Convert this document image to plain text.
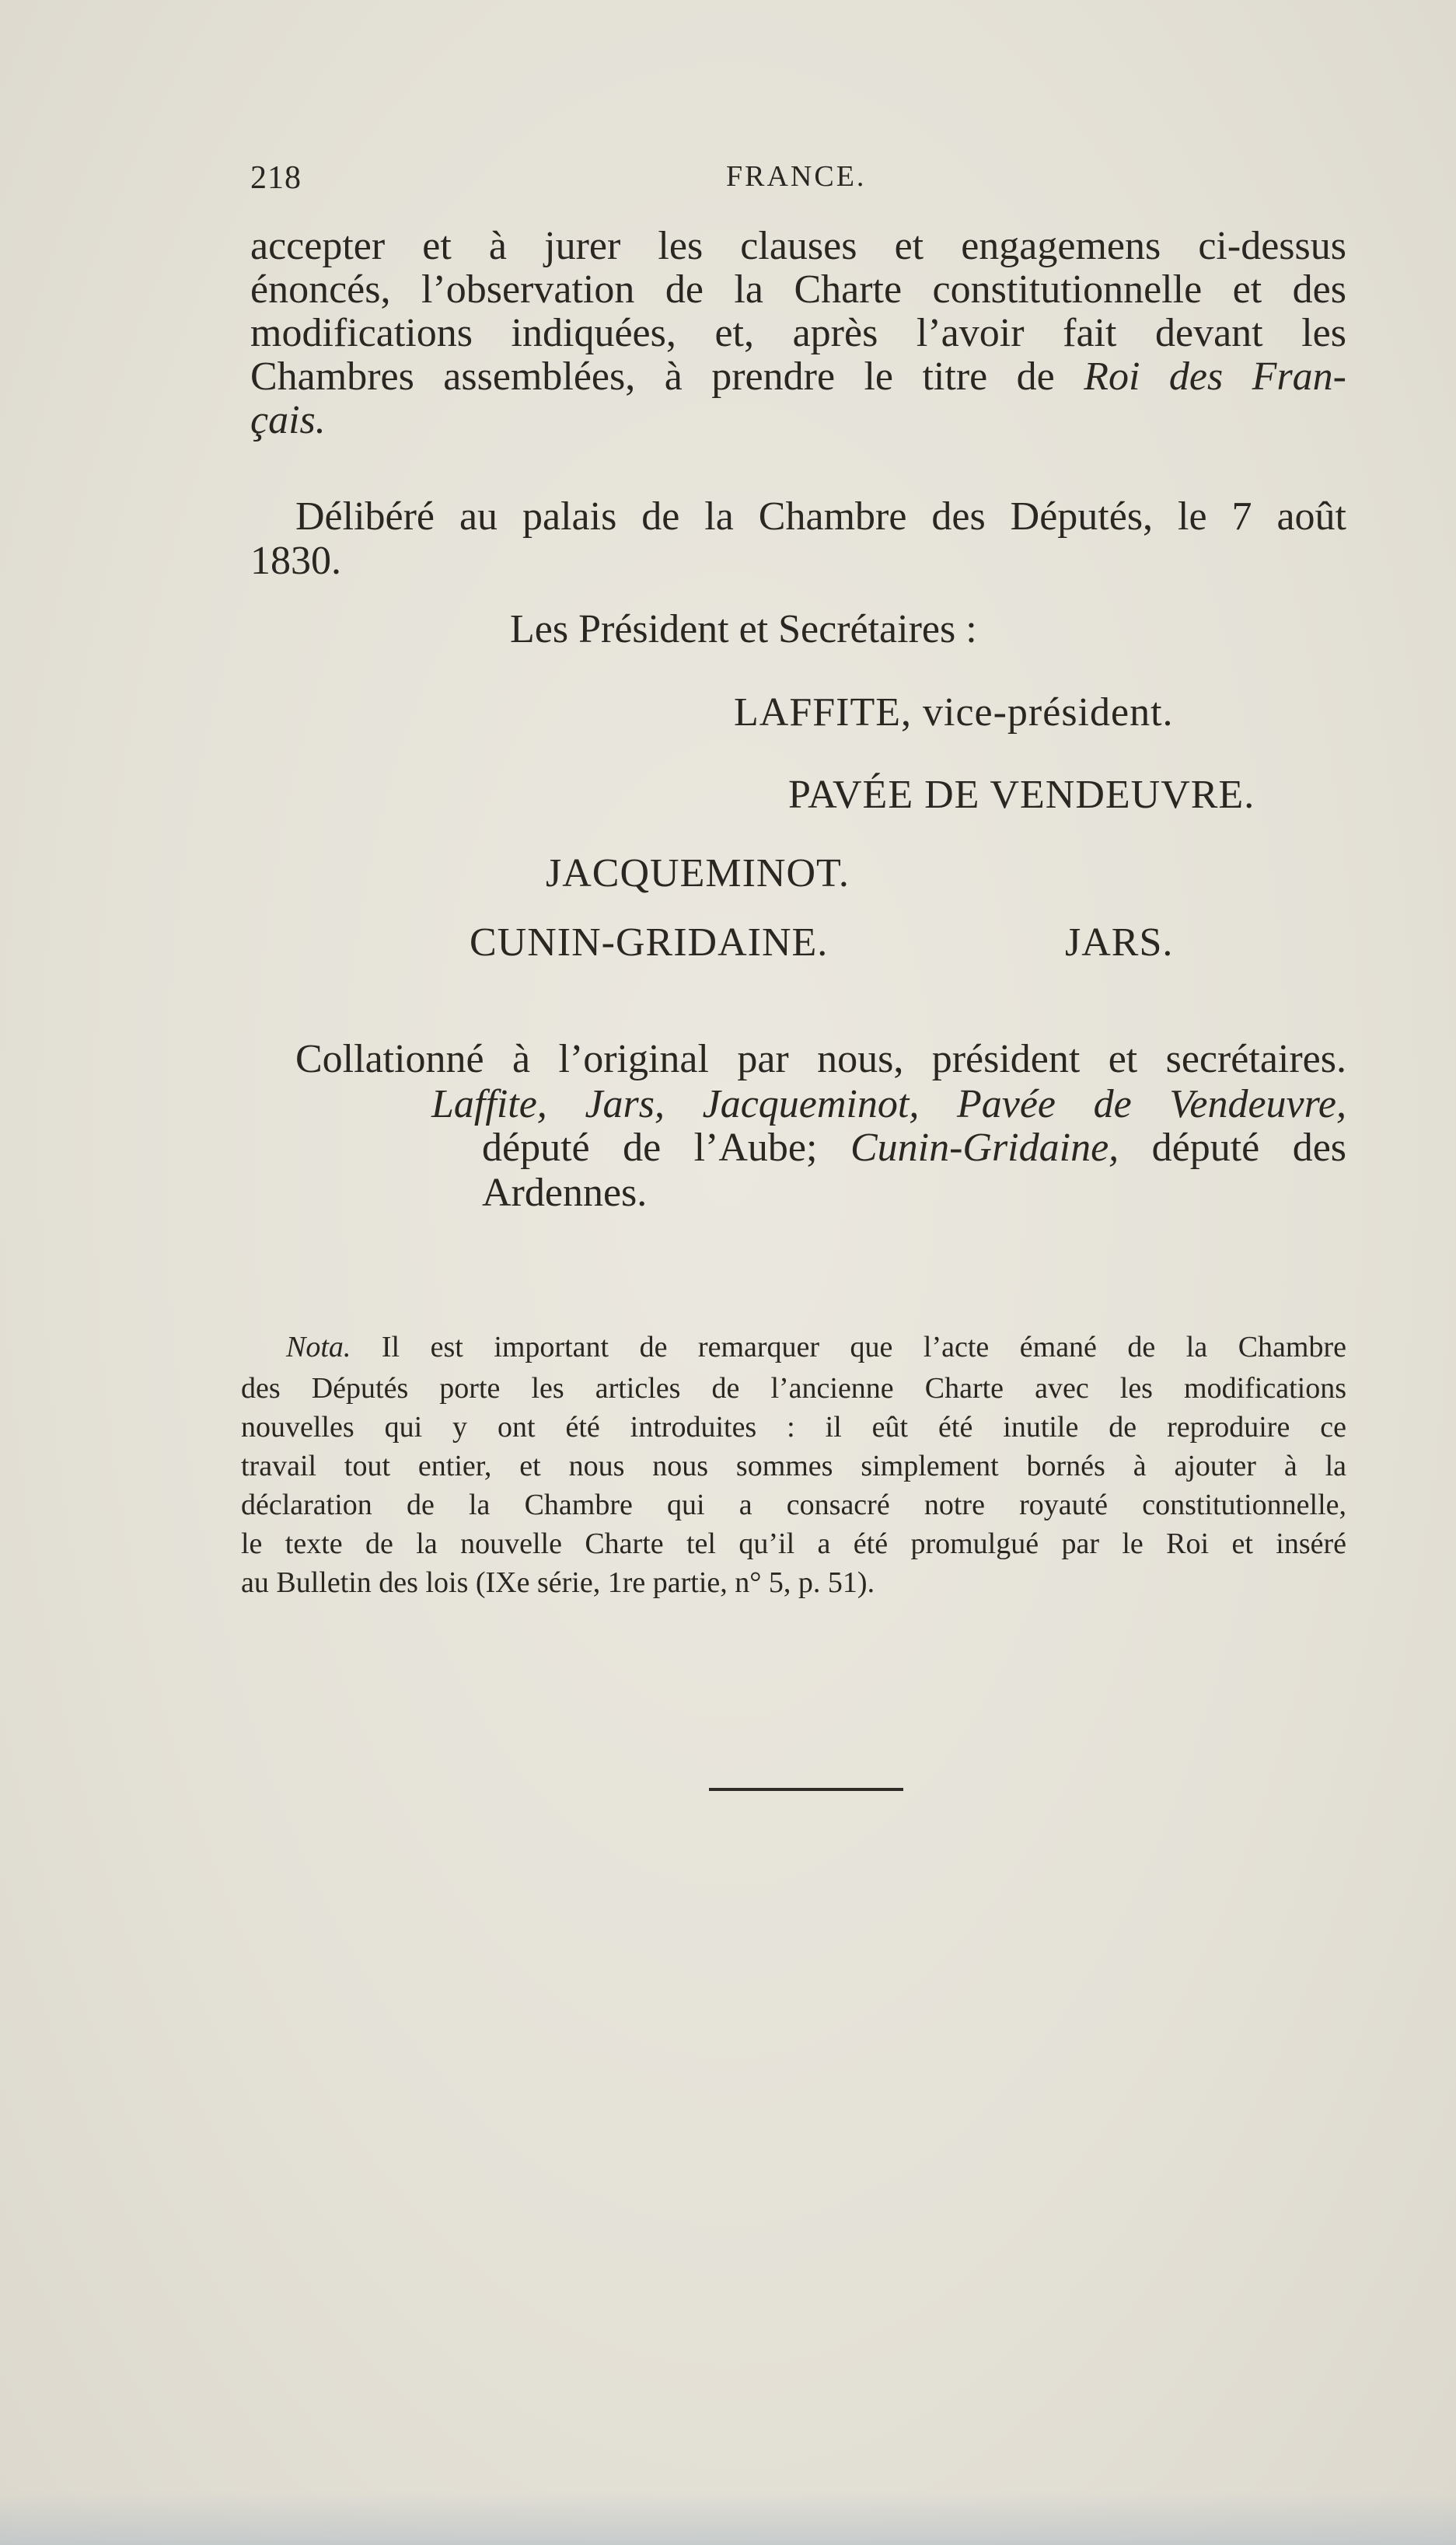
218	FRANCE.
accepter et à jurer les clauses et engagemens ci-dessus
énoncés, l’observation de la Charte constitutionnelle et des
modifications indiquées, et, après l’avoir fait devant les
Chambres assemblées, à prendre le titre de Roi des Fran-
çais.
Délibéré au palais de la Chambre des Députés, le 7 août
1830.
Les Président et Secrétaires :
LAFFITE, vice-président.
PAVÉE DE VENDEUVRE.
JACQUEMINOT.
CUNIN-GRIDAINE.	JARS.
Collationné à l’original par nous, président et secrétaires.
Laffite, Jars, Jacqueminot, Pavée de Vendeuvre,
député de l’Aube; Cunin-Gridaine, député des
Ardennes.
Nota. Il est important de remarquer que l’acte émané de la Chambre
des Députés porte les articles de l’ancienne Charte avec les modifications
nouvelles qui y ont été introduites : il eût été inutile de reproduire ce
travail tout entier, et nous nous sommes simplement bornés à ajouter à la
déclaration de la Chambre qui a consacré notre royauté constitutionnelle,
le texte de la nouvelle Charte tel qu’il a été promulgué par le Roi et inséré
au Bulletin des lois (IXe série, 1re partie, n° 5, p. 51).
